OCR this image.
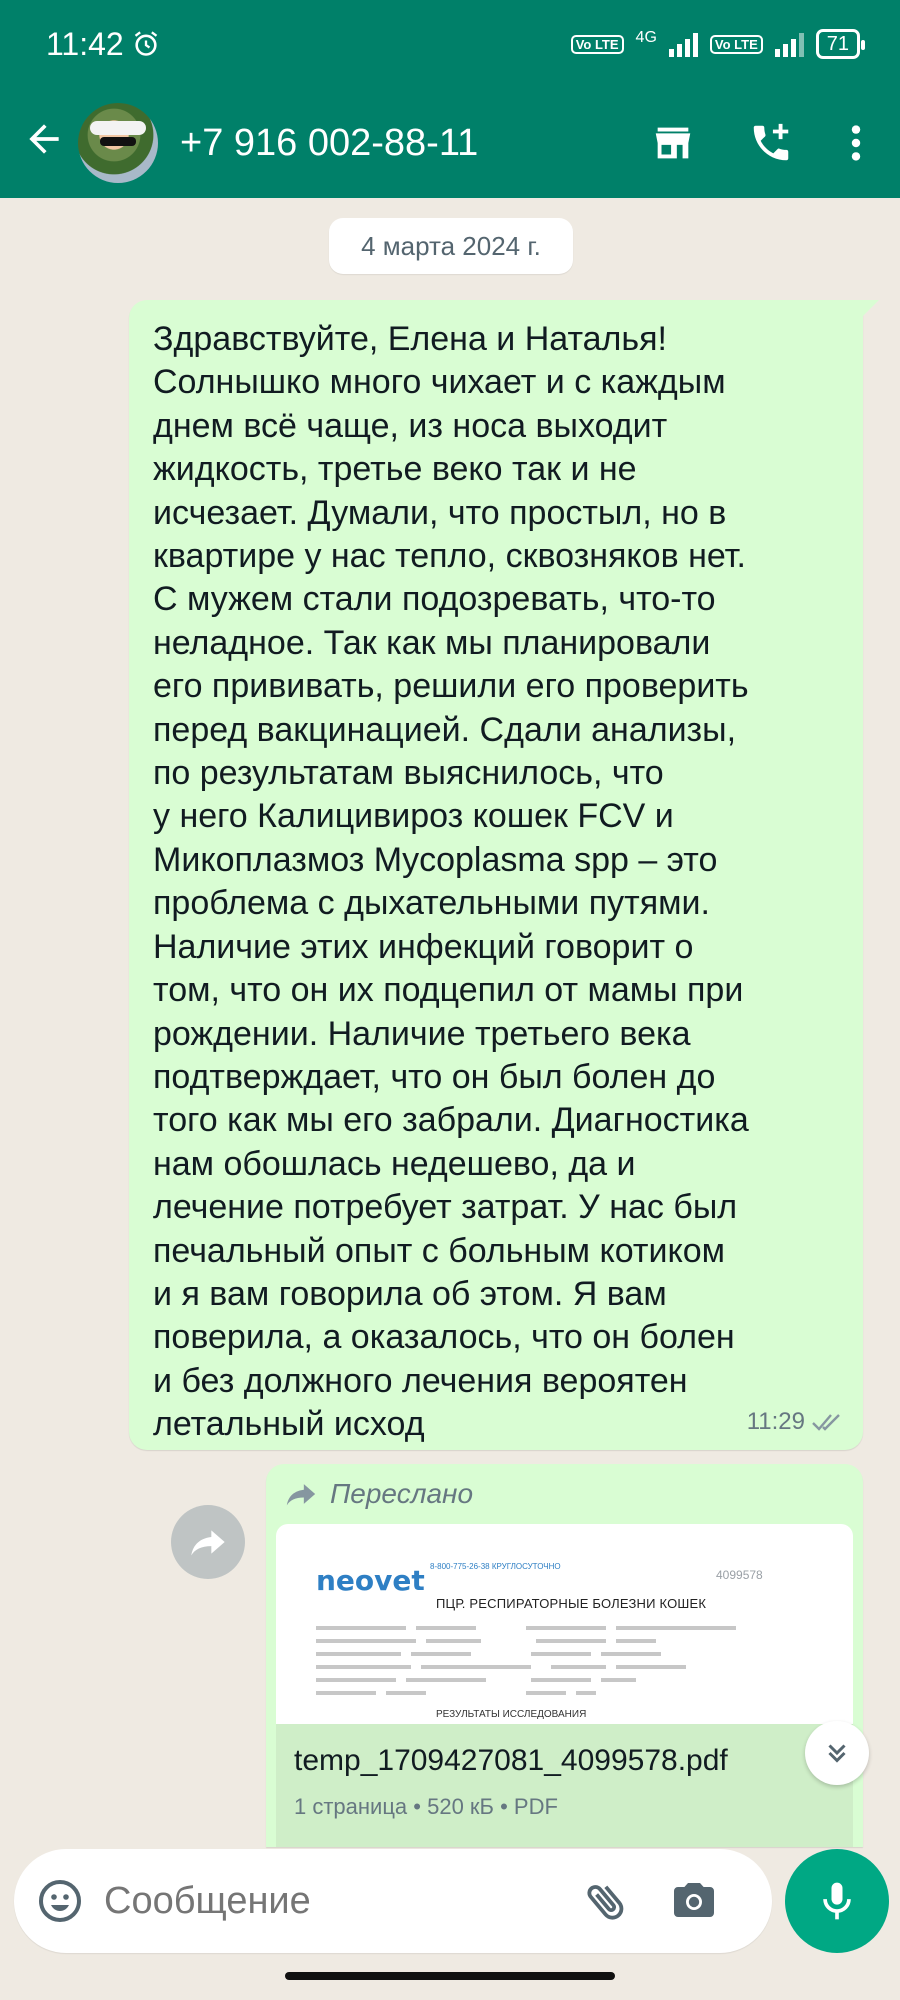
11:42	Vo LTE	4G	Vo LTE	71
+7 916 002-88-11
4 марта 2024 г.
Здравствуйте, Елена и Наталья!
Солнышко много чихает и с каждым
днем всё чаще, из носа выходит
жидкость, третье веко так и не
исчезает. Думали, что простыл, но в
квартире у нас тепло, сквозняков нет.
С мужем стали подозревать, что-то
неладное. Так как мы планировали
его прививать, решили его проверить
перед вакцинацией. Сдали анализы,
по результатам выяснилось, что
у него Калицивироз кошек FCV и
Микоплазмоз Mycoplasma spp – это
проблема с дыхательными путями.
Наличие этих инфекций говорит о
том, что он их подцепил от мамы при
рождении. Наличие третьего века
подтверждает, что он был болен до
того как мы его забрали. Диагностика
нам обошлась недешево, да и
лечение потребует затрат. У нас был
печальный опыт с больным котиком
и я вам говорила об этом. Я вам
поверила, а оказалось, что он болен
и без должного лечения вероятен
летальный исход	11:29
Переслано
neovet 8-800-775-26-38 КРУГЛОСУТОЧНО
4099578
ПЦР. РЕСПИРАТОРНЫЕ БОЛЕЗНИ КОШЕК
РЕЗУЛЬТАТЫ ИССЛЕДОВАНИЯ
temp_1709427081_4099578.pdf
1 страница • 520 кБ • PDF
Сообщение
